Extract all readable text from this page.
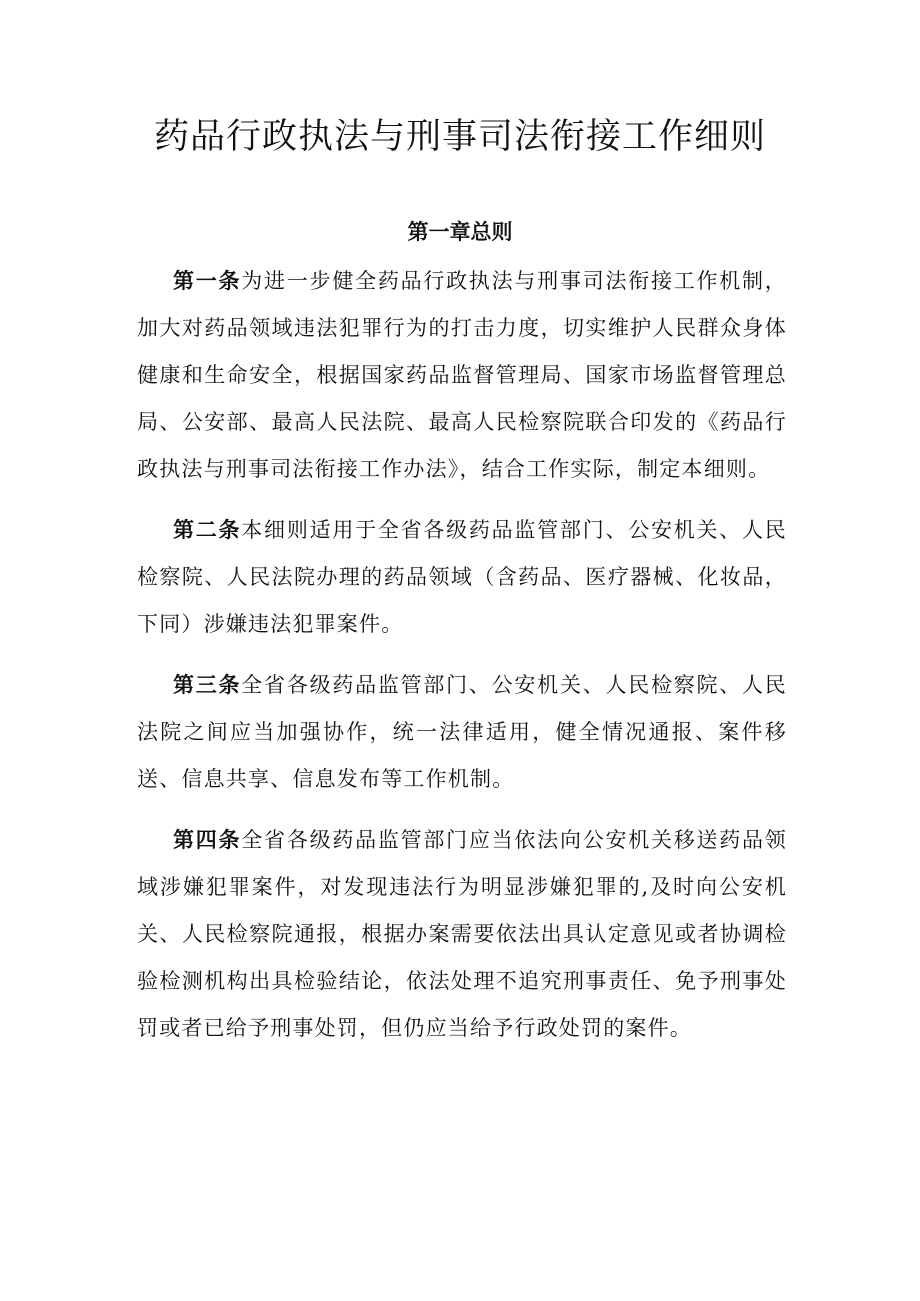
药品行政执法与刑事司法衔接工作细则
第一章总则

第一条为进一步健全药品行政执法与刑事司法衔接工作机制，加大对药品领域违法犯罪行为的打击力度，切实维护人民群众身体健康和生命安全，根据国家药品监督管理局、国家市场监督管理总局、公安部、最高人民法院、最高人民检察院联合印发的《药品行政执法与刑事司法衔接工作办法》，结合工作实际，制定本细则。

第二条本细则适用于全省各级药品监管部门、公安机关、人民检察院、人民法院办理的药品领域（含药品、医疗器械、化妆品，下同）涉嫌违法犯罪案件。

第三条全省各级药品监管部门、公安机关、人民检察院、人民法院之间应当加强协作，统一法律适用，健全情况通报、案件移送、信息共享、信息发布等工作机制。

第四条全省各级药品监管部门应当依法向公安机关移送药品领域涉嫌犯罪案件，对发现违法行为明显涉嫌犯罪的,及时向公安机关、人民检察院通报，根据办案需要依法出具认定意见或者协调检验检测机构出具检验结论，依法处理不追究刑事责任、免予刑事处罚或者已给予刑事处罚，但仍应当给予行政处罚的案件。
